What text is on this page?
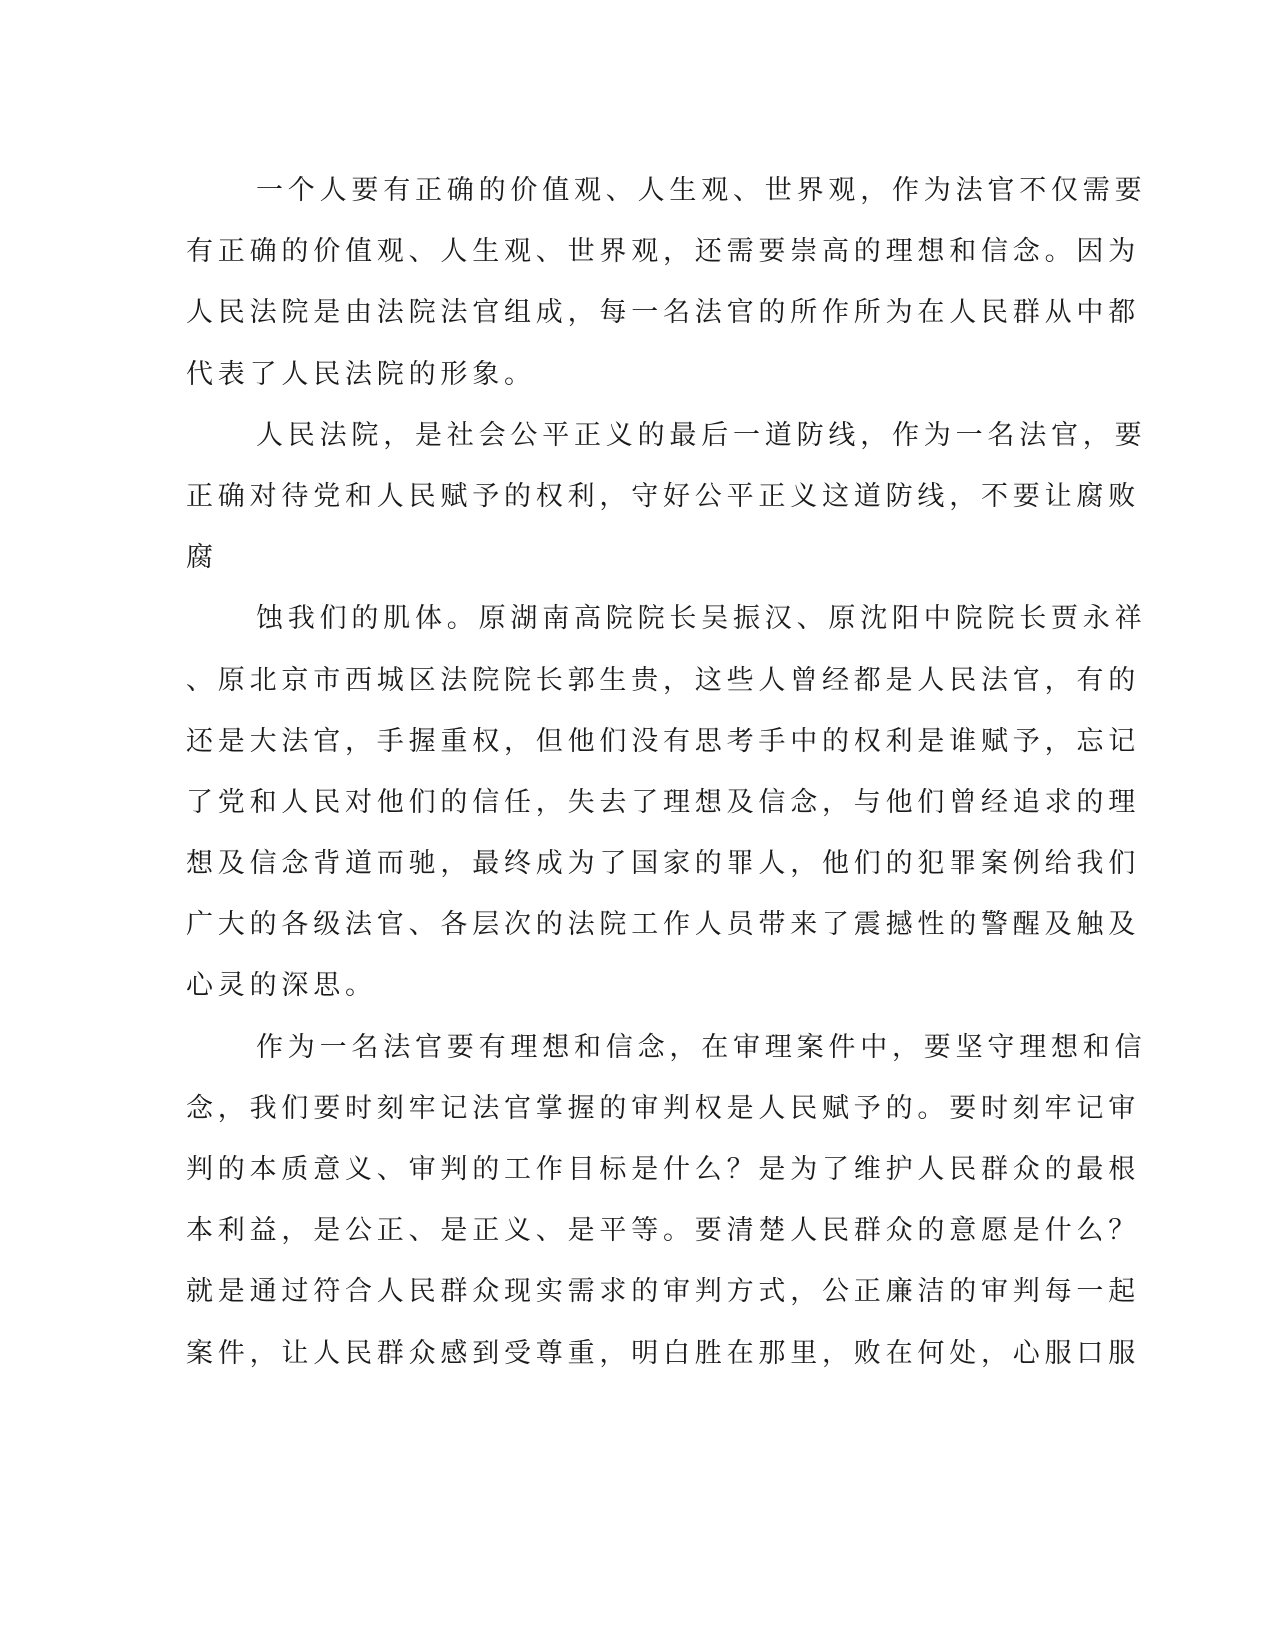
一个人要有正确的价值观、人生观、世界观，作为法官不仅需要
有正确的价值观、人生观、世界观，还需要崇高的理想和信念。因为
人民法院是由法院法官组成，每一名法官的所作所为在人民群从中都
代表了人民法院的形象。
人民法院，是社会公平正义的最后一道防线，作为一名法官，要
正确对待党和人民赋予的权利，守好公平正义这道防线，不要让腐败
腐
蚀我们的肌体。原湖南高院院长吴振汉、原沈阳中院院长贾永祥
、原北京市西城区法院院长郭生贵，这些人曾经都是人民法官，有的
还是大法官，手握重权，但他们没有思考手中的权利是谁赋予，忘记
了党和人民对他们的信任，失去了理想及信念，与他们曾经追求的理
想及信念背道而驰，最终成为了国家的罪人，他们的犯罪案例给我们
广大的各级法官、各层次的法院工作人员带来了震撼性的警醒及触及
心灵的深思。
作为一名法官要有理想和信念，在审理案件中，要坚守理想和信
念，我们要时刻牢记法官掌握的审判权是人民赋予的。要时刻牢记审
判的本质意义、审判的工作目标是什么？是为了维护人民群众的最根
本利益，是公正、是正义、是平等。要清楚人民群众的意愿是什么？
就是通过符合人民群众现实需求的审判方式，公正廉洁的审判每一起
案件，让人民群众感到受尊重，明白胜在那里，败在何处，心服口服
